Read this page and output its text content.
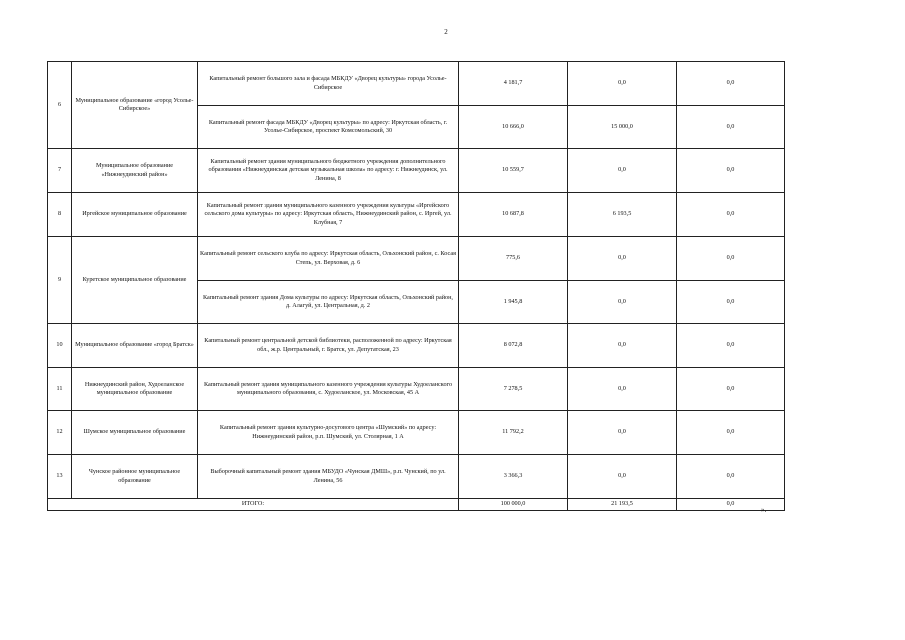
2
6	Муниципальное образование «город Усолье-Сибирское»	Капитальный ремонт большого зала и фасада МБКДУ «Дворец культуры» города Усолье-Сибирское	4 181,7	0,0	0,0
		Капитальный ремонт фасада МБКДУ «Дворец культуры» по адресу: Иркутская область, г. Усолье-Сибирское, проспект Комсомольский, 30	10 666,0	15 000,0	0,0
7	Муниципальное образование «Нижнеудинский район»	Капитальный ремонт здания муниципального бюджетного учреждения дополнительного образования «Нижнеудинская детская музыкальная школа» по адресу: г. Нижнеудинск, ул. Ленина, 8	10 559,7	0,0	0,0
8	Иргейское муниципальное образование	Капитальный ремонт здания муниципального казенного учреждения культуры «Иргейского сельского дома культуры» по адресу: Иркутская область, Нижнеудинский район, с. Иргей, ул. Клубная, 7	10 687,8	6 193,5	0,0
9	Куретское муниципальное образование	Капитальный ремонт сельского клуба по адресу: Иркутская область, Ольхонский район, с. Косая Степь, ул. Верховая, д. 6	775,6	0,0	0,0
		Капитальный ремонт здания Дома культуры по адресу: Иркутская область, Ольхонский район, д. Алагуй, ул. Центральная, д. 2	1 945,8	0,0	0,0
10	Муниципальное образование «город Братск»	Капитальный ремонт центральной детской библиотеки, расположенной по адресу: Иркутская обл., ж.р. Центральный, г. Братск, ул. Депутатская, 23	8 072,8	0,0	0,0
11	Нижнеудинский район, Худоеланское муниципальное образование	Капитальный ремонт здания муниципального казенного учреждения культуры Худоеланского муниципального образования, с. Худоеланское, ул. Московская, 45 А	7 278,5	0,0	0,0
12	Шумское муниципальное образование	Капитальный ремонт здания культурно-досугового центра «Шумский» по адресу: Нижнеудинский район, р.п. Шумский, ул. Столярная, 1 А	11 792,2	0,0	0,0
13	Чунское районное муниципальное образование	Выборочный капитальный ремонт здания МБУДО «Чунская ДМШ», р.п. Чунский, по ул. Ленина, 56	3 366,3	0,0	0,0
ИТОГО:			100 000,0	21 193,5	0,0
».
